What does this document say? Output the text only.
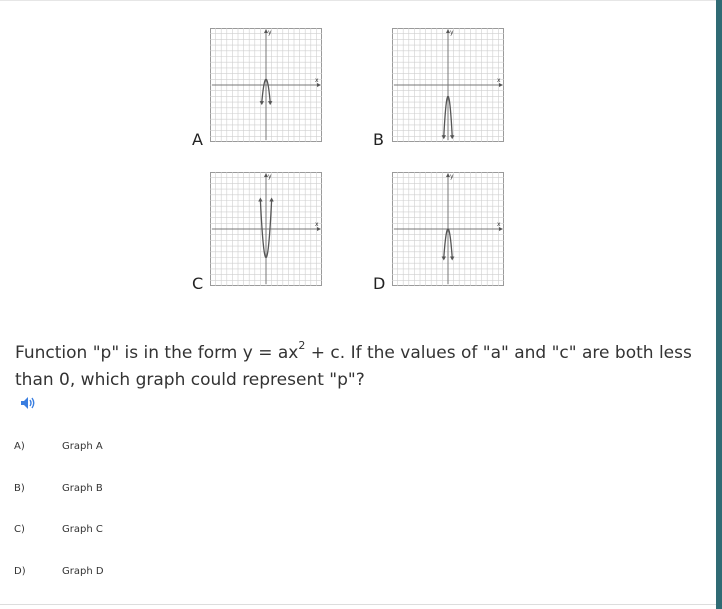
x
y
A
x
y
B
x
y
C
x
y
D
Function "p" is in the form $y = ax^2 + c$. If the values of "a" and "c" are both less than 0, which graph could represent "p"?
A)	Graph A
B)	Graph B
C)	Graph C
D)	Graph D
